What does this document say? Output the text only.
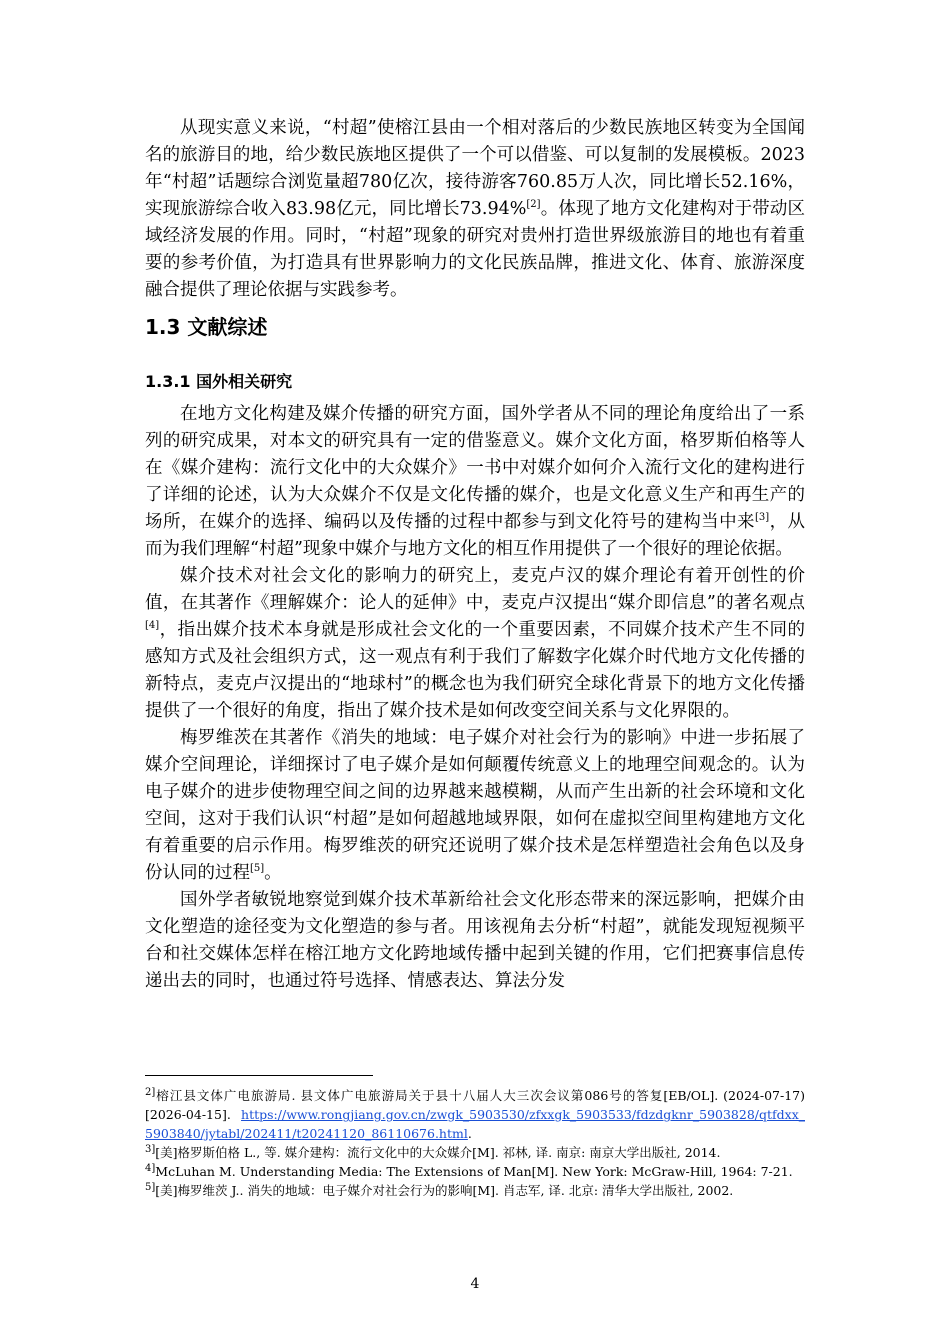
从现实意义来说，“村超”使榕江县由一个相对落后的少数民族地区转变为全国闻名的旅游目的地，给少数民族地区提供了一个可以借鉴、可以复制的发展模板。2023年“村超”话题综合浏览量超780亿次，接待游客760.85万人次，同比增长52.16%，实现旅游综合收入83.98亿元，同比增长73.94%[2]。体现了地方文化建构对于带动区域经济发展的作用。同时，“村超”现象的研究对贵州打造世界级旅游目的地也有着重要的参考价值，为打造具有世界影响力的文化民族品牌，推进文化、体育、旅游深度融合提供了理论依据与实践参考。

1.3 文献综述
1.3.1 国外相关研究

在地方文化构建及媒介传播的研究方面，国外学者从不同的理论角度给出了一系列的研究成果，对本文的研究具有一定的借鉴意义。媒介文化方面，格罗斯伯格等人在《媒介建构：流行文化中的大众媒介》一书中对媒介如何介入流行文化的建构进行了详细的论述，认为大众媒介不仅是文化传播的媒介，也是文化意义生产和再生产的场所，在媒介的选择、编码以及传播的过程中都参与到文化符号的建构当中来[3]，从而为我们理解“村超”现象中媒介与地方文化的相互作用提供了一个很好的理论依据。

媒介技术对社会文化的影响力的研究上，麦克卢汉的媒介理论有着开创性的价值，在其著作《理解媒介：论人的延伸》中，麦克卢汉提出“媒介即信息”的著名观点[4]，指出媒介技术本身就是形成社会文化的一个重要因素，不同媒介技术产生不同的感知方式及社会组织方式，这一观点有利于我们了解数字化媒介时代地方文化传播的新特点，麦克卢汉提出的“地球村”的概念也为我们研究全球化背景下的地方文化传播提供了一个很好的角度，指出了媒介技术是如何改变空间关系与文化界限的。

梅罗维茨在其著作《消失的地域：电子媒介对社会行为的影响》中进一步拓展了媒介空间理论，详细探讨了电子媒介是如何颠覆传统意义上的地理空间观念的。认为电子媒介的进步使物理空间之间的边界越来越模糊，从而产生出新的社会环境和文化空间，这对于我们认识“村超”是如何超越地域界限，如何在虚拟空间里构建地方文化有着重要的启示作用。梅罗维茨的研究还说明了媒介技术是怎样塑造社会角色以及身份认同的过程[5]。

国外学者敏锐地察觉到媒介技术革新给社会文化形态带来的深远影响，把媒介由文化塑造的途径变为文化塑造的参与者。用该视角去分析“村超”，就能发现短视频平台和社交媒体怎样在榕江地方文化跨地域传播中起到关键的作用，它们把赛事信息传递出去的同时，也通过符号选择、情感表达、算法分发

$^{2]}$榕江县文体广电旅游局. 县文体广电旅游局关于县十八届人大三次会议第086号的答复[EB/OL]. (2024-07-17)[2026-04-15]. https://www.rongjiang.gov.cn/zwgk_5903530/zfxxgk_5903533/fdzdgknr_5903828/qtfdxx_5903840/jytabl/202411/t20241120_86110676.html.

$^{3]}$[美]格罗斯伯格 L., 等. 媒介建构：流行文化中的大众媒介[M]. 祁林, 译. 南京: 南京大学出版社, 2014.

$^{4]}$McLuhan M. Understanding Media: The Extensions of Man[M]. New York: McGraw-Hill, 1964: 7-21.

$^{5]}$[美]梅罗维茨 J.. 消失的地域：电子媒介对社会行为的影响[M]. 肖志军, 译. 北京: 清华大学出版社, 2002.

4
